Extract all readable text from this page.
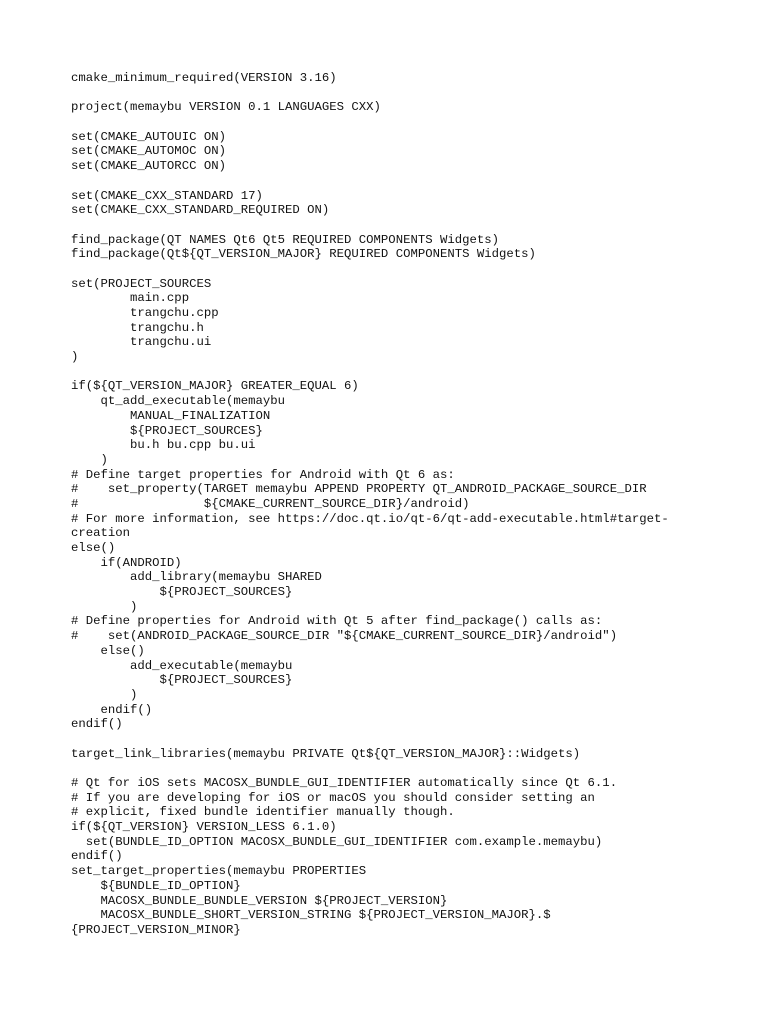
cmake_minimum_required(VERSION 3.16)
project(memaybu VERSION 0.1 LANGUAGES CXX)
set(CMAKE_AUTOUIC ON)
set(CMAKE_AUTOMOC ON)
set(CMAKE_AUTORCC ON)
set(CMAKE_CXX_STANDARD 17)
set(CMAKE_CXX_STANDARD_REQUIRED ON)
find_package(QT NAMES Qt6 Qt5 REQUIRED COMPONENTS Widgets)
find_package(Qt${QT_VERSION_MAJOR} REQUIRED COMPONENTS Widgets)
set(PROJECT_SOURCES
main.cpp
trangchu.cpp
trangchu.h
trangchu.ui
)
if(${QT_VERSION_MAJOR} GREATER_EQUAL 6)
qt_add_executable(memaybu
MANUAL_FINALIZATION
${PROJECT_SOURCES}
bu.h bu.cpp bu.ui
)
# Define target properties for Android with Qt 6 as:
#    set_property(TARGET memaybu APPEND PROPERTY QT_ANDROID_PACKAGE_SOURCE_DIR
#                 ${CMAKE_CURRENT_SOURCE_DIR}/android)
# For more information, see https://doc.qt.io/qt-6/qt-add-executable.html#target-
creation
else()
if(ANDROID)
add_library(memaybu SHARED
${PROJECT_SOURCES}
)
# Define properties for Android with Qt 5 after find_package() calls as:
#    set(ANDROID_PACKAGE_SOURCE_DIR "${CMAKE_CURRENT_SOURCE_DIR}/android")
else()
add_executable(memaybu
${PROJECT_SOURCES}
)
endif()
endif()
target_link_libraries(memaybu PRIVATE Qt${QT_VERSION_MAJOR}::Widgets)
# Qt for iOS sets MACOSX_BUNDLE_GUI_IDENTIFIER automatically since Qt 6.1.
# If you are developing for iOS or macOS you should consider setting an
# explicit, fixed bundle identifier manually though.
if(${QT_VERSION} VERSION_LESS 6.1.0)
set(BUNDLE_ID_OPTION MACOSX_BUNDLE_GUI_IDENTIFIER com.example.memaybu)
endif()
set_target_properties(memaybu PROPERTIES
${BUNDLE_ID_OPTION}
MACOSX_BUNDLE_BUNDLE_VERSION ${PROJECT_VERSION}
MACOSX_BUNDLE_SHORT_VERSION_STRING ${PROJECT_VERSION_MAJOR}.$
{PROJECT_VERSION_MINOR}
